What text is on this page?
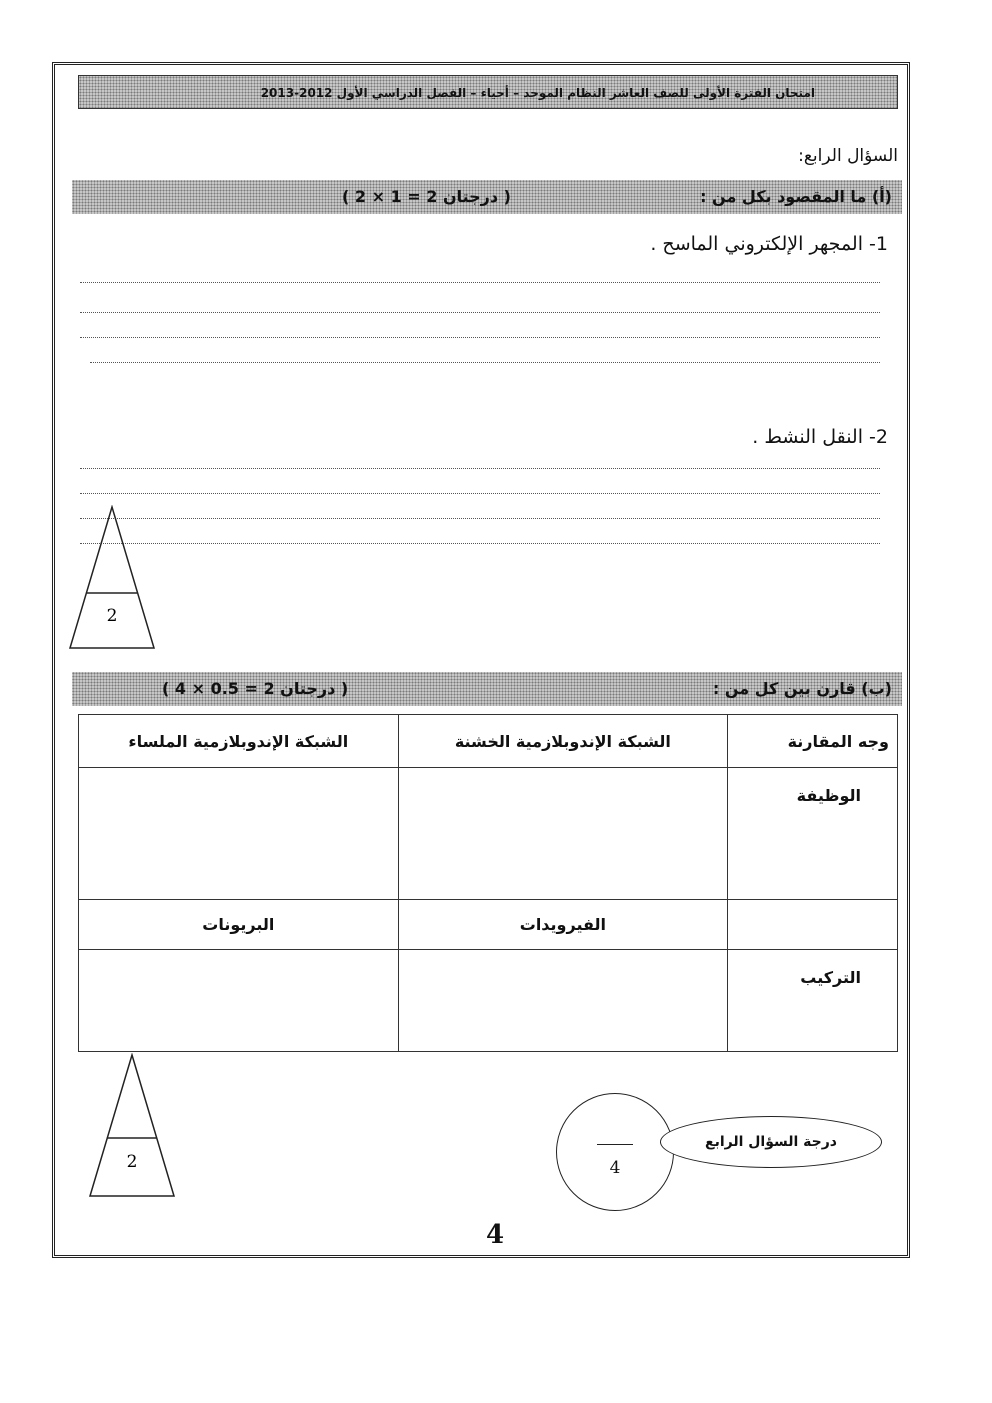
امتحان الفترة الأولى للصف العاشر النظام الموحد – أحياء – الفصل الدراسي الأول 2012-2013
السؤال الرابع:
(أ) ما المقصود بكل من :
( 2 × 1 = 2 درجتان )
1- المجهر الإلكتروني الماسح .
2- النقل النشط .
2
(ب) قارن بين كل من :
( 4 × 0.5 = 2 درجتان )
وجه المقارنة	الشبكة الإندوبلازمية الخشنة	الشبكة الإندوبلازمية الملساء
الوظيفة		
	الفيرويدات	البريونات
التركيب		
2	4
درجة السؤال الرابع
4
